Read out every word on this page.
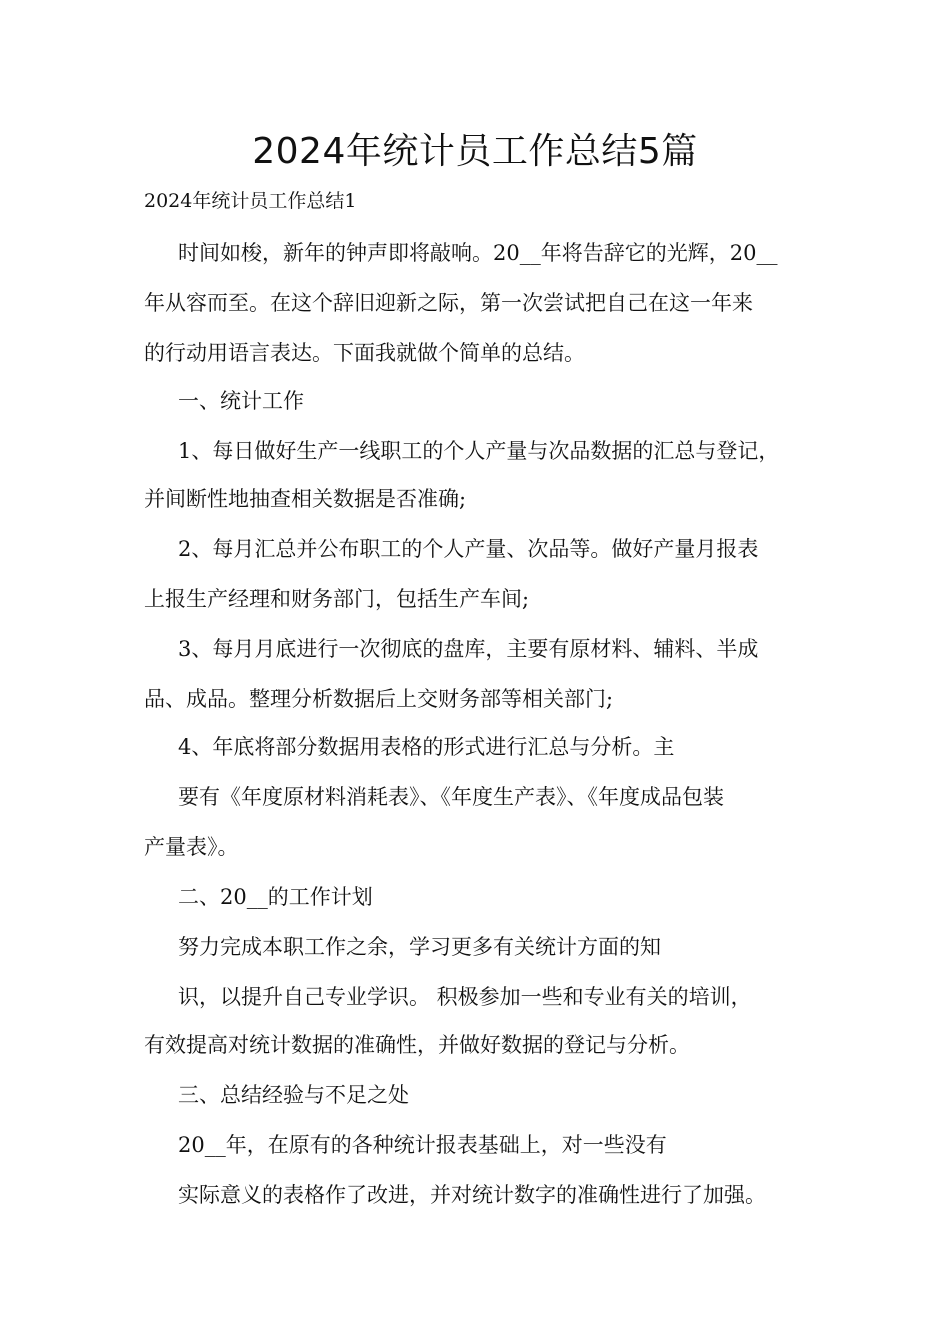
2024年统计员工作总结5篇

2024年统计员工作总结1

时间如梭，新年的钟声即将敲响。20__年将告辞它的光辉，20__

年从容而至。在这个辞旧迎新之际，第一次尝试把自己在这一年来

的行动用语言表达。下面我就做个简单的总结。

一、统计工作

1、每日做好生产一线职工的个人产量与次品数据的汇总与登记，

并间断性地抽查相关数据是否准确;

2、每月汇总并公布职工的个人产量、次品等。做好产量月报表

上报生产经理和财务部门，包括生产车间;

3、每月月底进行一次彻底的盘库，主要有原材料、辅料、半成

品、成品。整理分析数据后上交财务部等相关部门;

4、年底将部分数据用表格的形式进行汇总与分析。主

要有《年度原材料消耗表》、《年度生产表》、《年度成品包装

产量表》。

二、20__的工作计划

努力完成本职工作之余，学习更多有关统计方面的知

识，以提升自己专业学识。 积极参加一些和专业有关的培训，

有效提高对统计数据的准确性，并做好数据的登记与分析。

三、总结经验与不足之处

20__年，在原有的各种统计报表基础上，对一些没有

实际意义的表格作了改进，并对统计数字的准确性进行了加强。
